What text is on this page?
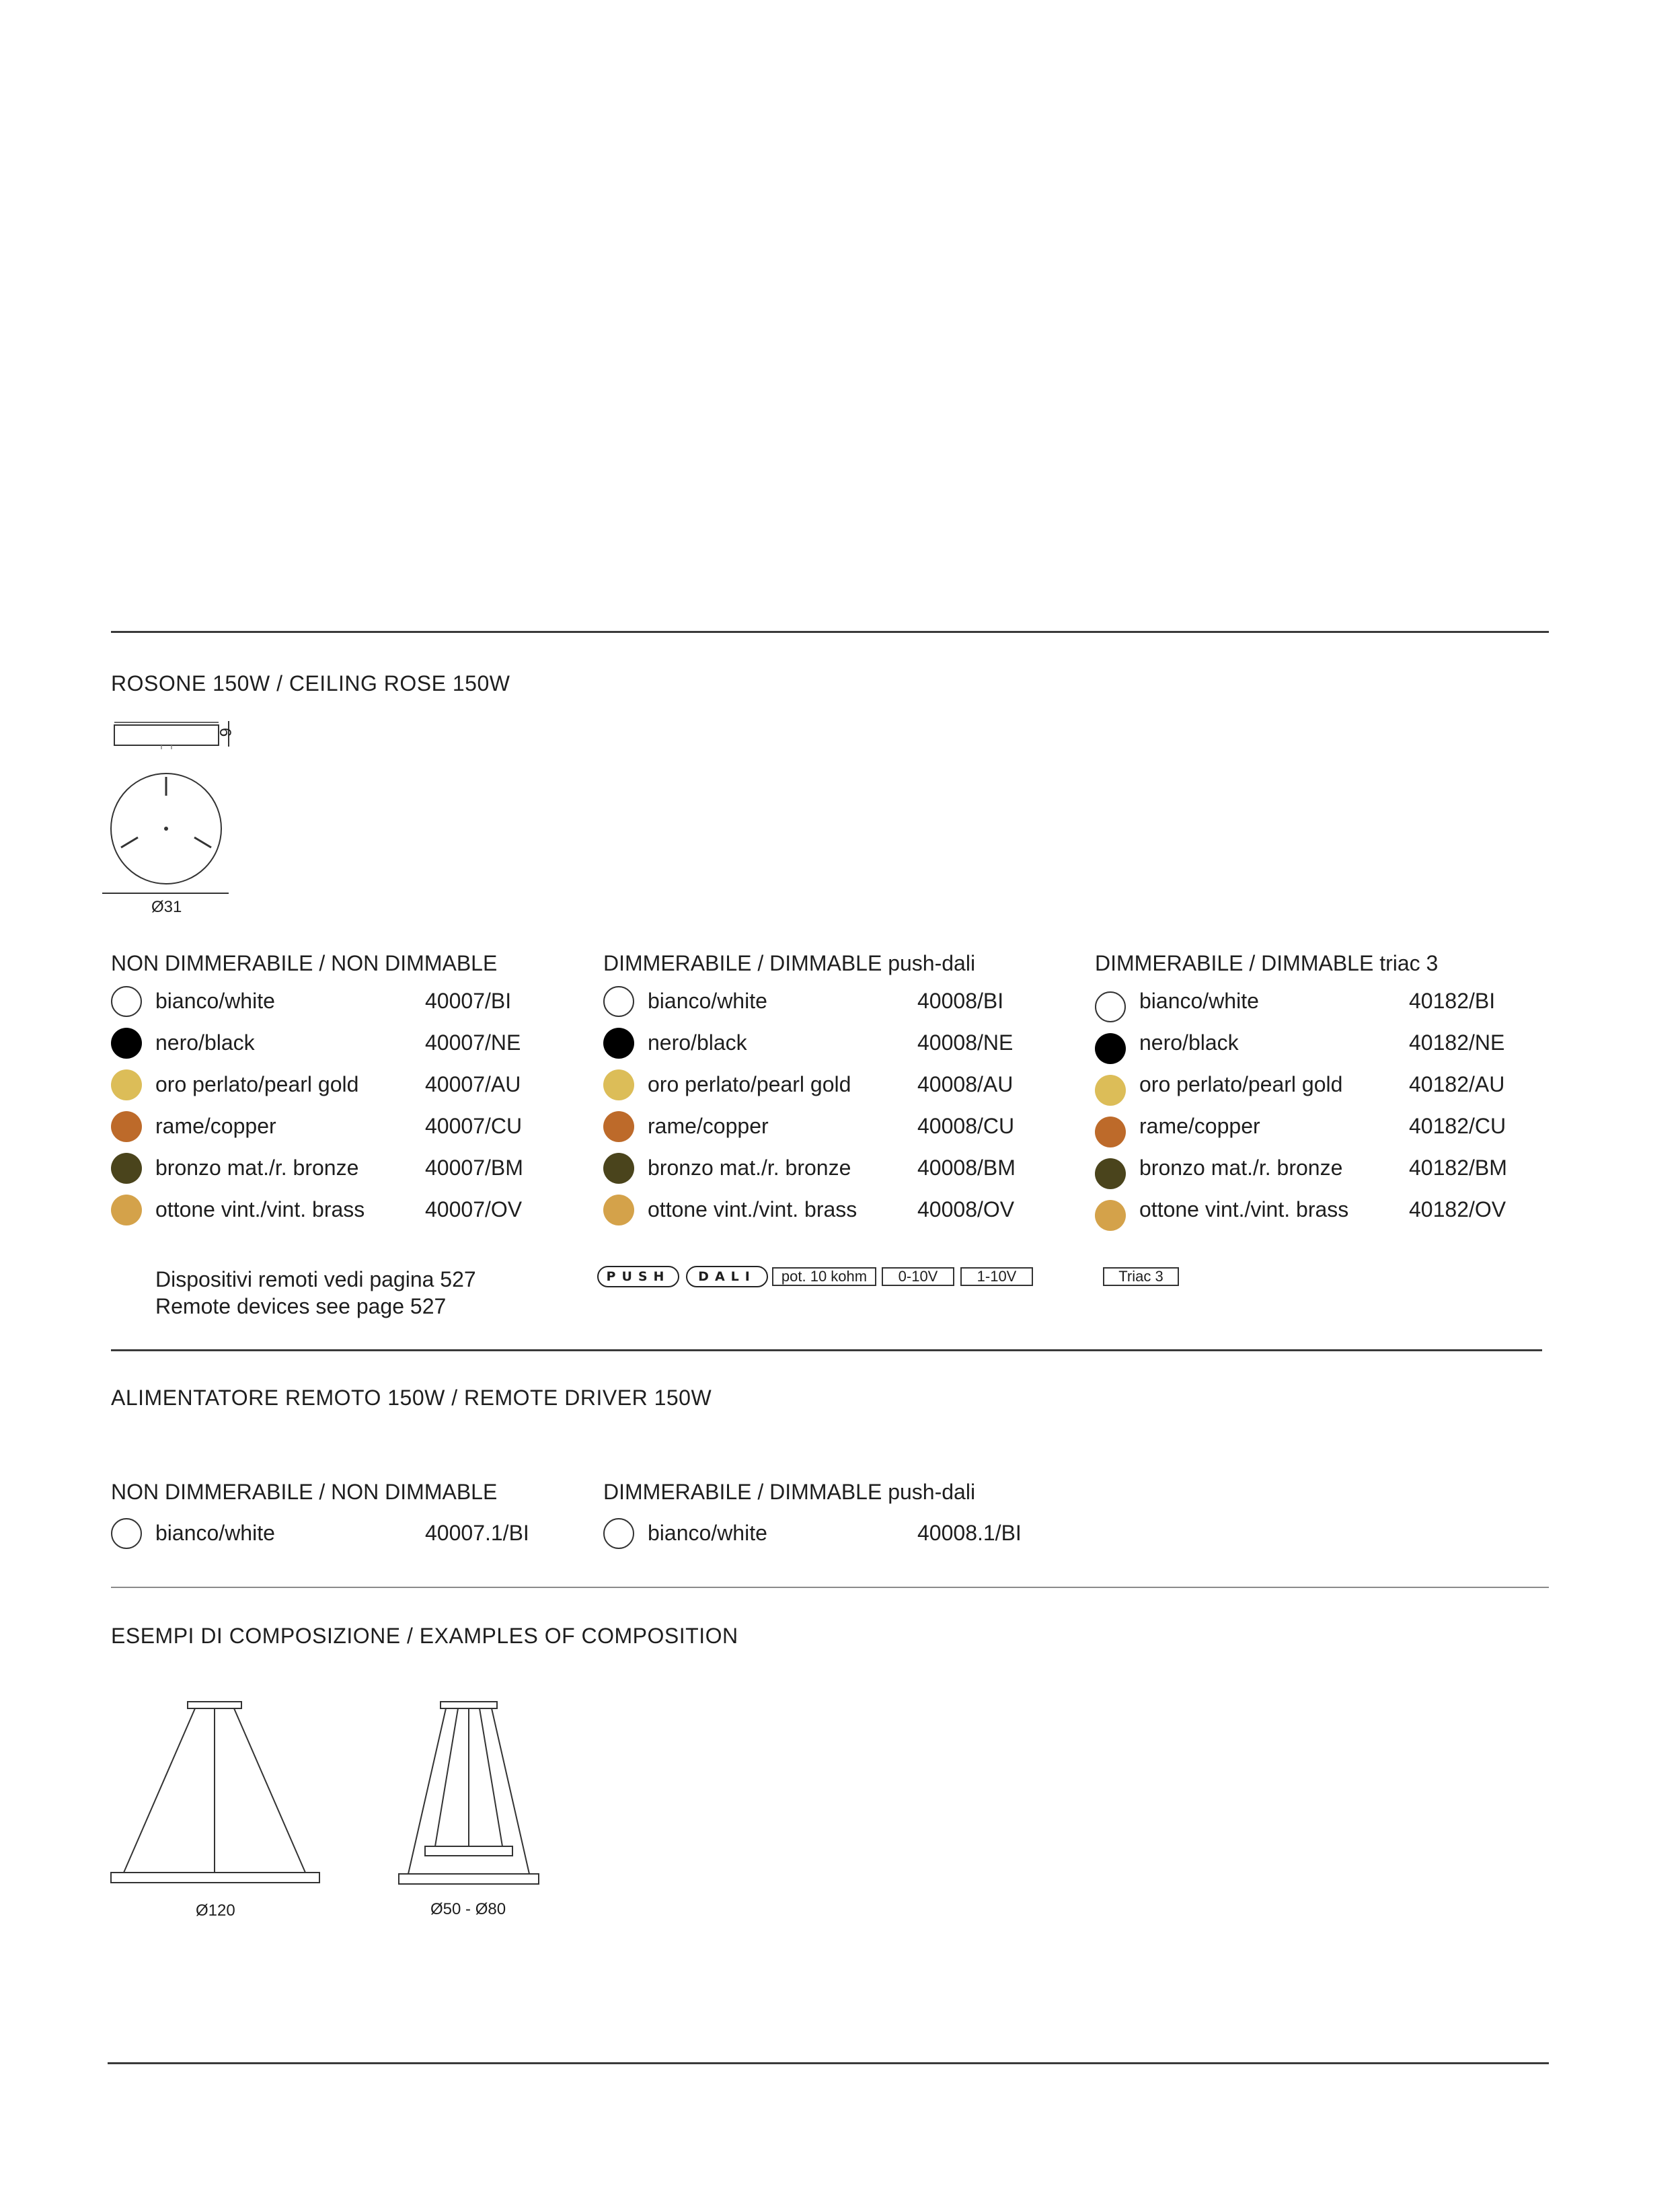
ROSONE 150W / CEILING ROSE 150W
6
Ø31
NON DIMMERABILE / NON DIMMABLE
bianco/white	40007/BI
nero/black	40007/NE
oro perlato/pearl gold	40007/AU
rame/copper	40007/CU
bronzo mat./r. bronze	40007/BM
ottone vint./vint. brass	40007/OV
Dispositivi remoti vedi pagina 527
Remote devices see page 527
DIMMERABILE / DIMMABLE push-dali
bianco/white	40008/BI
nero/black	40008/NE
oro perlato/pearl gold	40008/AU
rame/copper	40008/CU
bronzo mat./r. bronze	40008/BM
ottone vint./vint. brass	40008/OV
PUSH	DALI	pot. 10 kohm	0-10V	1-10V
DIMMERABILE / DIMMABLE triac 3
bianco/white	40182/BI
nero/black	40182/NE
oro perlato/pearl gold	40182/AU
rame/copper	40182/CU
bronzo mat./r. bronze	40182/BM
ottone vint./vint. brass	40182/OV
Triac 3
ALIMENTATORE REMOTO 150W / REMOTE DRIVER 150W
NON DIMMERABILE / NON DIMMABLE
bianco/white	40007.1/BI
DIMMERABILE / DIMMABLE push-dali
bianco/white	40008.1/BI
ESEMPI DI COMPOSIZIONE / EXAMPLES OF COMPOSITION
Ø120	Ø50 - Ø80
